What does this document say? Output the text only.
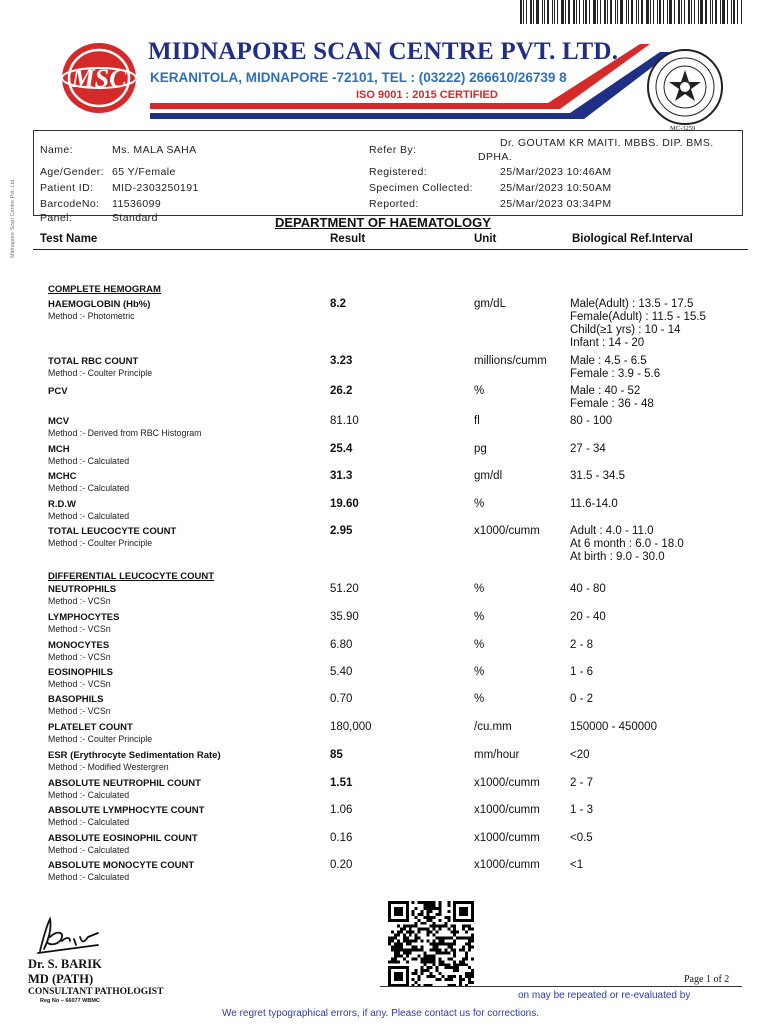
MSC
MIDNAPORE SCAN CENTRE PVT. LTD.
KERANITOLA, MIDNAPORE -72101, TEL : (03222) 266610/26739 8
ISO 9001 : 2015 CERTIFIED
MC-3259
Midnapore Scan Centre Pvt. Ltd.
Name:	Ms. MALA SAHA
Age/Gender: 65 Y/Female
Patient ID: MID-2303250191
BarcodeNo: 11536099
Panel:	Standard
Refer By:
Dr. GOUTAM KR MAITI. MBBS. DIP. BMS.
DPHA.
Registered:	25/Mar/2023 10:46AM
Specimen Collected:	25/Mar/2023 10:50AM
Reported:	25/Mar/2023 03:34PM
DEPARTMENT OF HAEMATOLOGY
Test Name	Result	Unit	Biological Ref.Interval
COMPLETE HEMOGRAM
HAEMOGLOBIN (Hb%)
Method :- Photometric
8.2	gm/dL	Male(Adult) : 13.5 - 17.5
Female(Adult) : 11.5 - 15.5
Child(≥1 yrs) : 10 - 14
Infant : 14 - 20
TOTAL RBC COUNT
Method :- Coulter Principle
3.23	millions/cumm Male : 4.5 - 6.5
Female : 3.9 - 5.6
PCV	26.2	%	Male : 40 - 52
Female : 36 - 48
MCV
Method :- Derived from RBC Histogram
81.10	fl	80 - 100
MCH
Method :- Calculated
25.4	pg	27 - 34
MCHC
Method :- Calculated
31.3	gm/dl	31.5 - 34.5
R.D.W
Method :- Calculated
19.60	%	11.6-14.0
TOTAL LEUCOCYTE COUNT
Method :- Coulter Principle
2.95	x1000/cumm	Adult : 4.0 - 11.0
At 6 month : 6.0 - 18.0
At birth : 9.0 - 30.0
DIFFERENTIAL LEUCOCYTE COUNT
NEUTROPHILS
Method :- VCSn
51.20	%	40 - 80
LYMPHOCYTES
Method :- VCSn
35.90	%	20 - 40
MONOCYTES
Method :- VCSn
6.80	%	2 - 8
EOSINOPHILS
Method :- VCSn
5.40	%	1 - 6
BASOPHILS
Method :- VCSn
0.70	%	0 - 2
PLATELET COUNT
Method :- Coulter Principle
180,000	/cu.mm	150000 - 450000
ESR (Erythrocyte Sedimentation Rate)
Method :- Modified Westergren
85	mm/hour	<20
ABSOLUTE NEUTROPHIL COUNT
Method :- Calculated
1.51	x1000/cumm	2 - 7
ABSOLUTE LYMPHOCYTE COUNT
Method :- Calculated
1.06	x1000/cumm	1 - 3
ABSOLUTE EOSINOPHIL COUNT
Method :- Calculated
0.16	x1000/cumm	<0.5
ABSOLUTE MONOCYTE COUNT
Method :- Calculated
0.20	x1000/cumm	<1
Dr. S. BARIK
MD (PATH)
CONSULTANT PATHOLOGIST
Reg No – 66077 WBMC
Page 1 of 2
on may be repeated or re-evaluated by
We regret typographical errors, if any. Please contact us for corrections.
